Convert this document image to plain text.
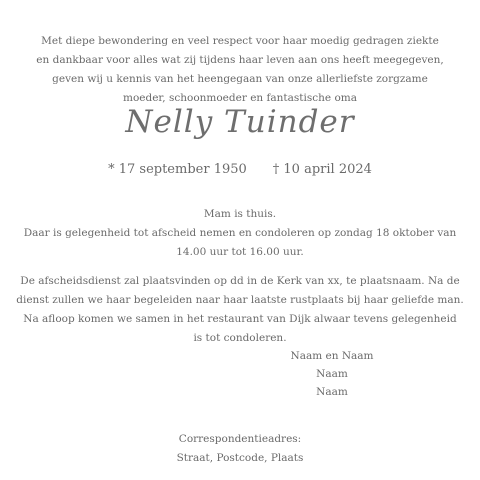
Met diepe bewondering en veel respect voor haar moedig gedragen ziekte
en dankbaar voor alles wat zij tijdens haar leven aan ons heeft meegegeven,
geven wij u kennis van het heengegaan van onze allerliefste zorgzame
moeder, schoonmoeder en fantastische oma
Nelly Tuinder
* 17 september 1950 † 10 april 2024
Mam is thuis.
Daar is gelegenheid tot afscheid nemen en condoleren op zondag 18 oktober van
14.00 uur tot 16.00 uur.
De afscheidsdienst zal plaatsvinden op dd in de Kerk van xx, te plaatsnaam. Na de
dienst zullen we haar begeleiden naar haar laatste rustplaats bij haar geliefde man.
Na afloop komen we samen in het restaurant van Dijk alwaar tevens gelegenheid
is tot condoleren.
Naam en Naam
Naam
Naam
Correspondentieadres:
Straat, Postcode, Plaats
